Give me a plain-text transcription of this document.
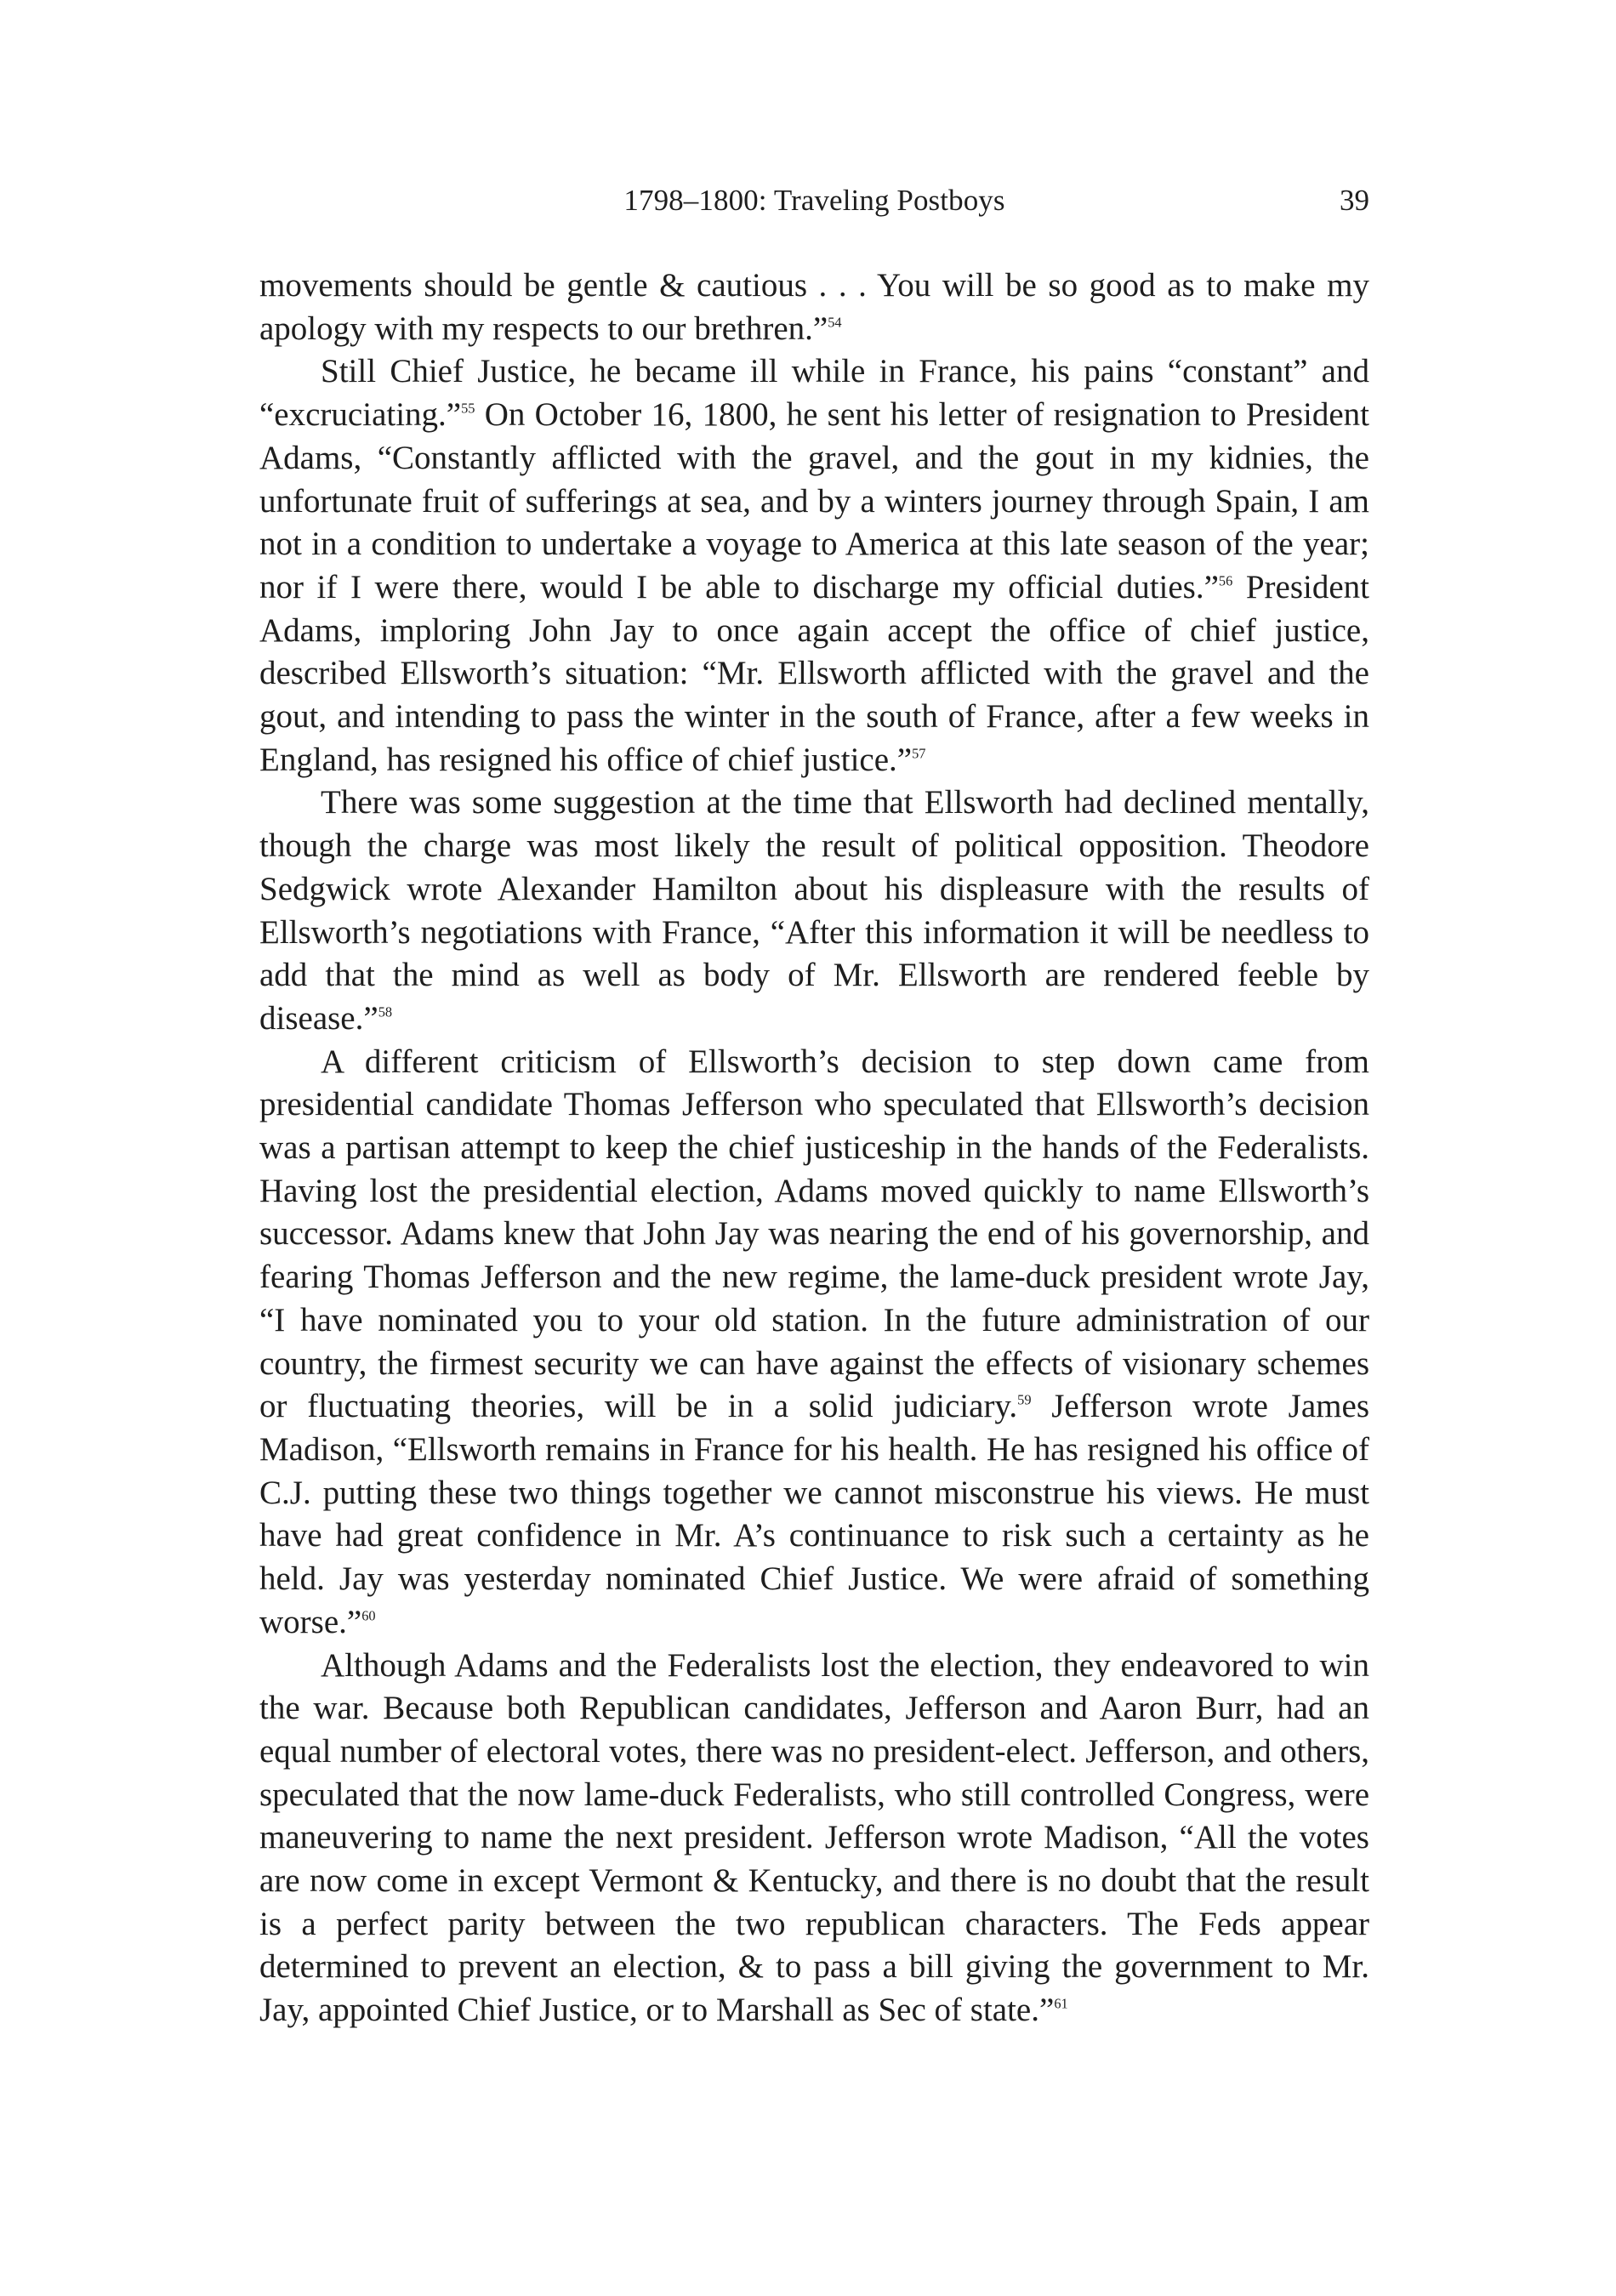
1798–1800: Traveling Postboys	39

movements should be gentle & cautious . . . You will be so good as to make my apology with my respects to our brethren.”$^{54}$

Still Chief Justice, he became ill while in France, his pains “constant” and “excruciating.”$^{55}$ On October 16, 1800, he sent his letter of resignation to President Adams, “Constantly afflicted with the gravel, and the gout in my kidnies, the unfortunate fruit of sufferings at sea, and by a winters journey through Spain, I am not in a condition to undertake a voyage to America at this late season of the year; nor if I were there, would I be able to discharge my official duties.”$^{56}$ President Adams, imploring John Jay to once again accept the office of chief justice, described Ellsworth’s situation: “Mr. Ellsworth afflicted with the gravel and the gout, and intending to pass the winter in the south of France, after a few weeks in England, has resigned his office of chief justice.”$^{57}$

There was some suggestion at the time that Ellsworth had declined mentally, though the charge was most likely the result of political opposition. Theodore Sedgwick wrote Alexander Hamilton about his displeasure with the results of Ellsworth’s negotiations with France, “After this information it will be needless to add that the mind as well as body of Mr. Ellsworth are rendered feeble by disease.”$^{58}$

A different criticism of Ellsworth’s decision to step down came from presidential candidate Thomas Jefferson who speculated that Ellsworth’s decision was a partisan attempt to keep the chief justiceship in the hands of the Federalists. Having lost the presidential election, Adams moved quickly to name Ellsworth’s successor. Adams knew that John Jay was nearing the end of his governorship, and fearing Thomas Jefferson and the new regime, the lame-duck president wrote Jay, “I have nominated you to your old station. In the future administration of our country, the firmest security we can have against the effects of visionary schemes or fluctuating theories, will be in a solid judiciary.$^{59}$ Jefferson wrote James Madison, “Ellsworth remains in France for his health. He has resigned his office of C.J. putting these two things together we cannot misconstrue his views. He must have had great confidence in Mr. A’s continuance to risk such a certainty as he held. Jay was yesterday nominated Chief Justice. We were afraid of something worse.”$^{60}$

Although Adams and the Federalists lost the election, they endeavored to win the war. Because both Republican candidates, Jefferson and Aaron Burr, had an equal number of electoral votes, there was no president-elect. Jefferson, and others, speculated that the now lame-duck Federalists, who still controlled Congress, were maneuvering to name the next president. Jefferson wrote Madison, “All the votes are now come in except Vermont & Kentucky, and there is no doubt that the result is a perfect parity between the two republican characters. The Feds appear determined to prevent an election, & to pass a bill giving the government to Mr. Jay, appointed Chief Justice, or to Marshall as Sec of state.”$^{61}$
